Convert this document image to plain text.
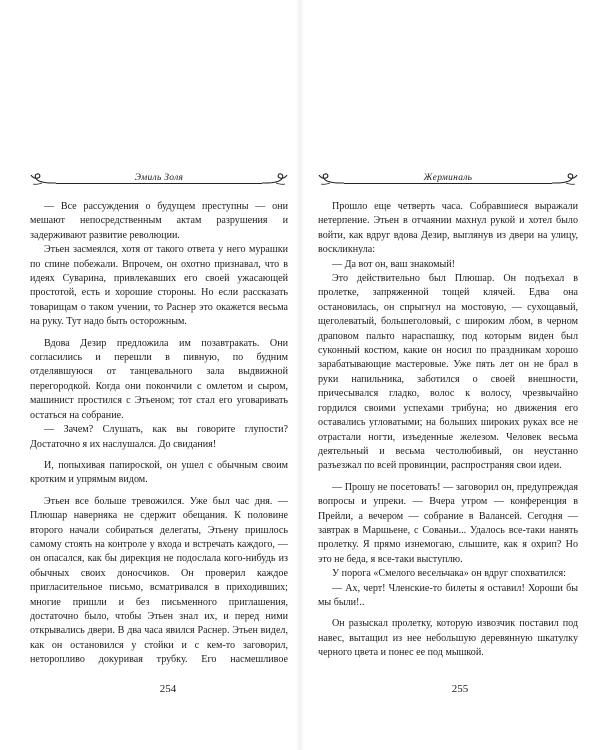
Эмиль Золя

— Все рассуждения о будущем преступны — они мешают непосредственным актам разрушения и задерживают развитие революции.

Этьен засмеялся, хотя от такого ответа у него мурашки по спине побежали. Впрочем, он охотно признавал, что в идеях Суварина, привлекавших его своей ужасающей простотой, есть и хорошие стороны. Но если рассказать товарищам о таком учении, то Раснер это окажется весьма на руку. Тут надо быть осторожным.

Вдова Дезир предложила им позавтракать. Они согласились и перешли в пивную, по будним отделявшуюся от танцевального зала выдвижной перегородкой. Когда они покончили с омлетом и сыром, машинист простился с Этьеном; тот стал его уговаривать остаться на собрание.

— Зачем? Слушать, как вы говорите глупости? Достаточно я их наслушался. До свидания!

И, попыхивая папироской, он ушел с обычным своим кротким и упрямым видом.

Этьен все больше тревожился. Уже был час дня. — Плюшар наверняка не сдержит обещания. К половине второго начали собираться делегаты, Этьену пришлось самому стоять на контроле у входа и встречать каждого, — он опасался, как бы дирекция не подослала кого-нибудь из обычных своих доносчиков. Он проверил каждое пригласительное письмо, всматривался в приходивших; многие пришли и без письменного приглашения, достаточно было, чтобы Этьен знал их, и перед ними открывались двери. В два часа явился Раснер. Этьен видел, как он остановился у стойки и с кем-то заговорил, неторопливо докуривая трубку. Его насмешливое

254
Жерминаль

Прошло еще четверть часа. Собравшиеся выражали нетерпение. Этьен в отчаянии махнул рукой и хотел было войти, как вдруг вдова Дезир, выглянув из двери на улицу, воскликнула:

— Да вот он, ваш знакомый!

Это действительно был Плюшар. Он подъехал в пролетке, запряженной тощей клячей. Едва она остановилась, он спрыгнул на мостовую, — сухощавый, щеголеватый, большеголовый, с широким лбом, в черном драповом пальто нараспашку, под которым виден был суконный костюм, какие он носил по праздникам хорошо зарабатывающие мастеровые. Уже пять лет он не брал в руки напильника, заботился о своей внешности, причесывался гладко, волос к волосу, чрезвычайно гордился своими успехами трибуна; но движения его оставались угловатыми; на больших широких руках все не отрастали ногти, изъеденные железом. Человек весьма деятельный и весьма честолюбивый, он неустанно разъезжал по всей провинции, распространяя свои идеи.

— Прошу не посетовать! — заговорил он, предупреждая вопросы и упреки. — Вчера утром — конференция в Прейли, а вечером — собрание в Валансей. Сегодня — завтрак в Маршьене, с Сованьи... Удалось все-таки нанять пролетку. Я прямо изнемогаю, слышите, как я охрип? Но это не беда, я все-таки выступлю.

У порога «Смелого весельчака» он вдруг спохватился:

— Ах, черт! Членские-то билеты я оставил! Хороши бы мы были!..

Он разыскал пролетку, которую извозчик поставил под навес, вытащил из нее небольшую деревянную шкатулку черного цвета и понес ее под мышкой.

255
